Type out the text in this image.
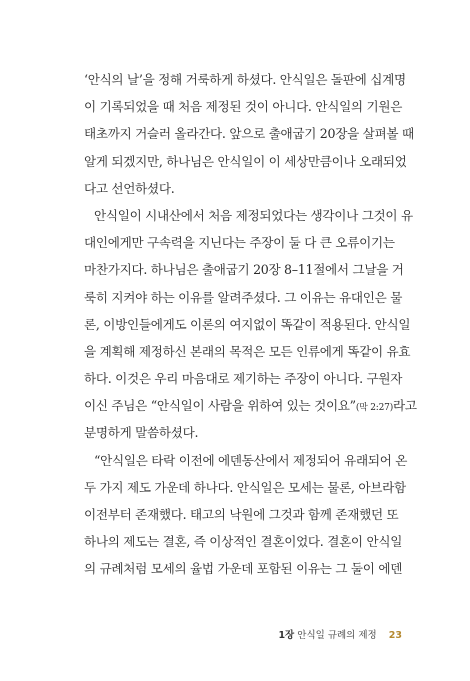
‘안식의 날’을 정해 거룩하게 하셨다. 안식일은 돌판에 십계명
이 기록되었을 때 처음 제정된 것이 아니다. 안식일의 기원은
태초까지 거슬러 올라간다. 앞으로 출애굽기 20장을 살펴볼 때
알게 되겠지만, 하나님은 안식일이 이 세상만큼이나 오래되었
다고 선언하셨다.
안식일이 시내산에서 처음 제정되었다는 생각이나 그것이 유
대인에게만 구속력을 지닌다는 주장이 둘 다 큰 오류이기는
마찬가지다. 하나님은 출애굽기 20장 8–11절에서 그날을 거
룩히 지켜야 하는 이유를 알려주셨다. 그 이유는 유대인은 물
론, 이방인들에게도 이론의 여지없이 똑같이 적용된다. 안식일
을 계획해 제정하신 본래의 목적은 모든 인류에게 똑같이 유효
하다. 이것은 우리 마음대로 제기하는 주장이 아니다. 구원자
이신 주님은 “안식일이 사람을 위하여 있는 것이요”(막 2:27)라고
분명하게 말씀하셨다.
“안식일은 타락 이전에 에덴동산에서 제정되어 유래되어 온
두 가지 제도 가운데 하나다. 안식일은 모세는 물론, 아브라함
이전부터 존재했다. 태고의 낙원에 그것과 함께 존재했던 또
하나의 제도는 결혼, 즉 이상적인 결혼이었다. 결혼이 안식일
의 규례처럼 모세의 율법 가운데 포함된 이유는 그 둘이 에덴
1장 안식일 규례의 제정 23
